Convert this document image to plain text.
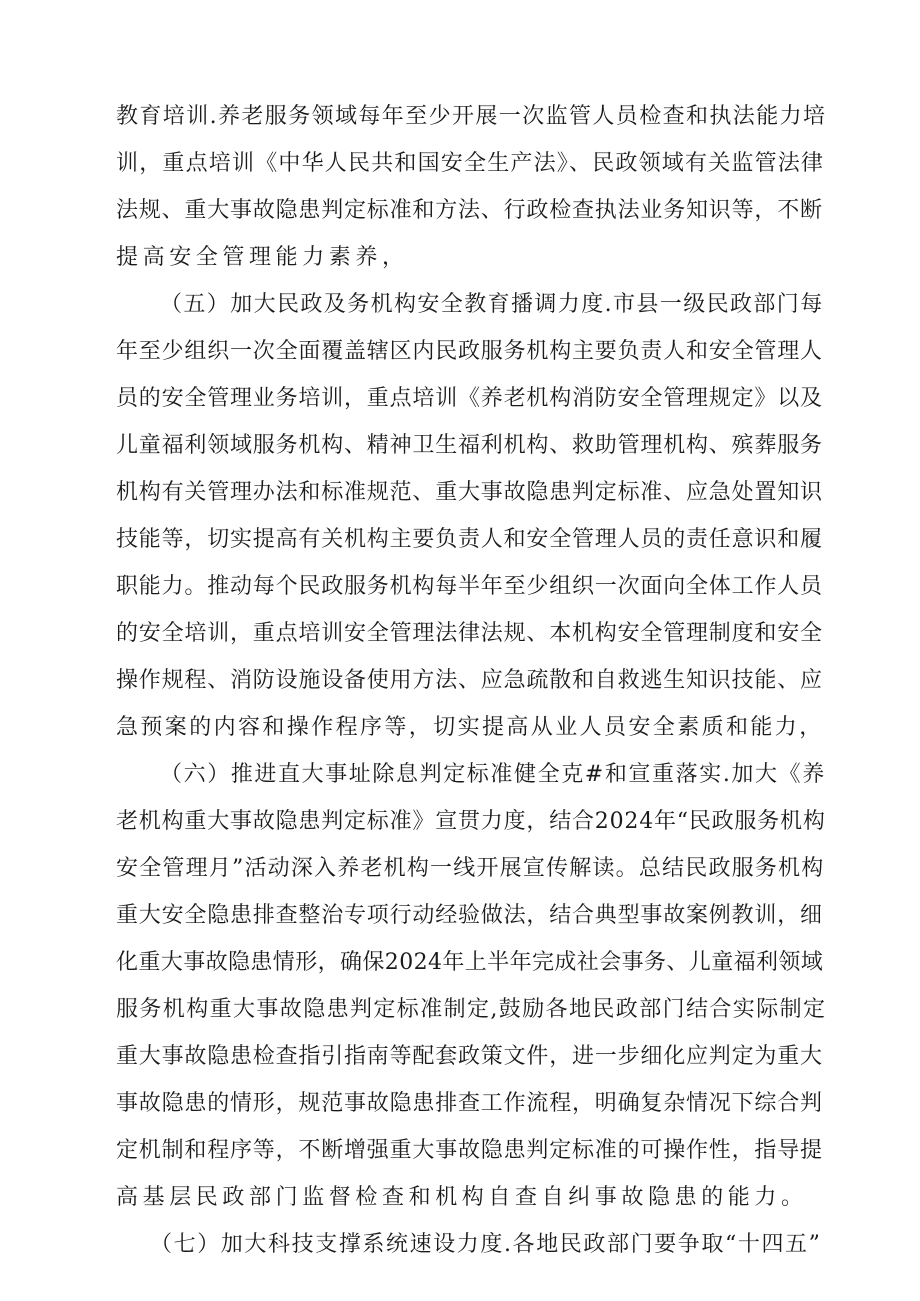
教育培训.养老服务领域每年至少开展一次监管人员检查和执法能力培
训，重点培训《中华人民共和国安全生产法》、民政领域有关监管法律
法规、重大事故隐患判定标准和方法、行政检查执法业务知识等，不断
提高安全管理能力素养，
（五）加大民政及务机构安全教育播调力度.市县一级民政部门每
年至少组织一次全面覆盖辖区内民政服务机构主要负责人和安全管理人
员的安全管理业务培训，重点培训《养老机构消防安全管理规定》以及
儿童福利领域服务机构、精神卫生福利机构、救助管理机构、殡葬服务
机构有关管理办法和标准规范、重大事故隐患判定标准、应急处置知识
技能等，切实提高有关机构主要负责人和安全管理人员的责任意识和履
职能力。推动每个民政服务机构每半年至少组织一次面向全体工作人员
的安全培训，重点培训安全管理法律法规、本机构安全管理制度和安全
操作规程、消防设施设备使用方法、应急疏散和自救逃生知识技能、应
急预案的内容和操作程序等，切实提高从业人员安全素质和能力，
（六）推进直大事址除息判定标准健全克#和宣重落实.加大《养
老机构重大事故隐患判定标准》宣贯力度，结合2024年“民政服务机构
安全管理月”活动深入养老机构一线开展宣传解读。总结民政服务机构
重大安全隐患排查整治专项行动经验做法，结合典型事故案例教训，细
化重大事故隐患情形，确保2024年上半年完成社会事务、儿童福利领域
服务机构重大事故隐患判定标准制定,鼓励各地民政部门结合实际制定
重大事故隐患检查指引指南等配套政策文件，进一步细化应判定为重大
事故隐患的情形，规范事故隐患排查工作流程，明确复杂情况下综合判
定机制和程序等，不断增强重大事故隐患判定标准的可操作性，指导提
高基层民政部门监督检查和机构自查自纠事故隐患的能力。
（七）加大科技支撑系统速设力度.各地民政部门要争取“十四五”
